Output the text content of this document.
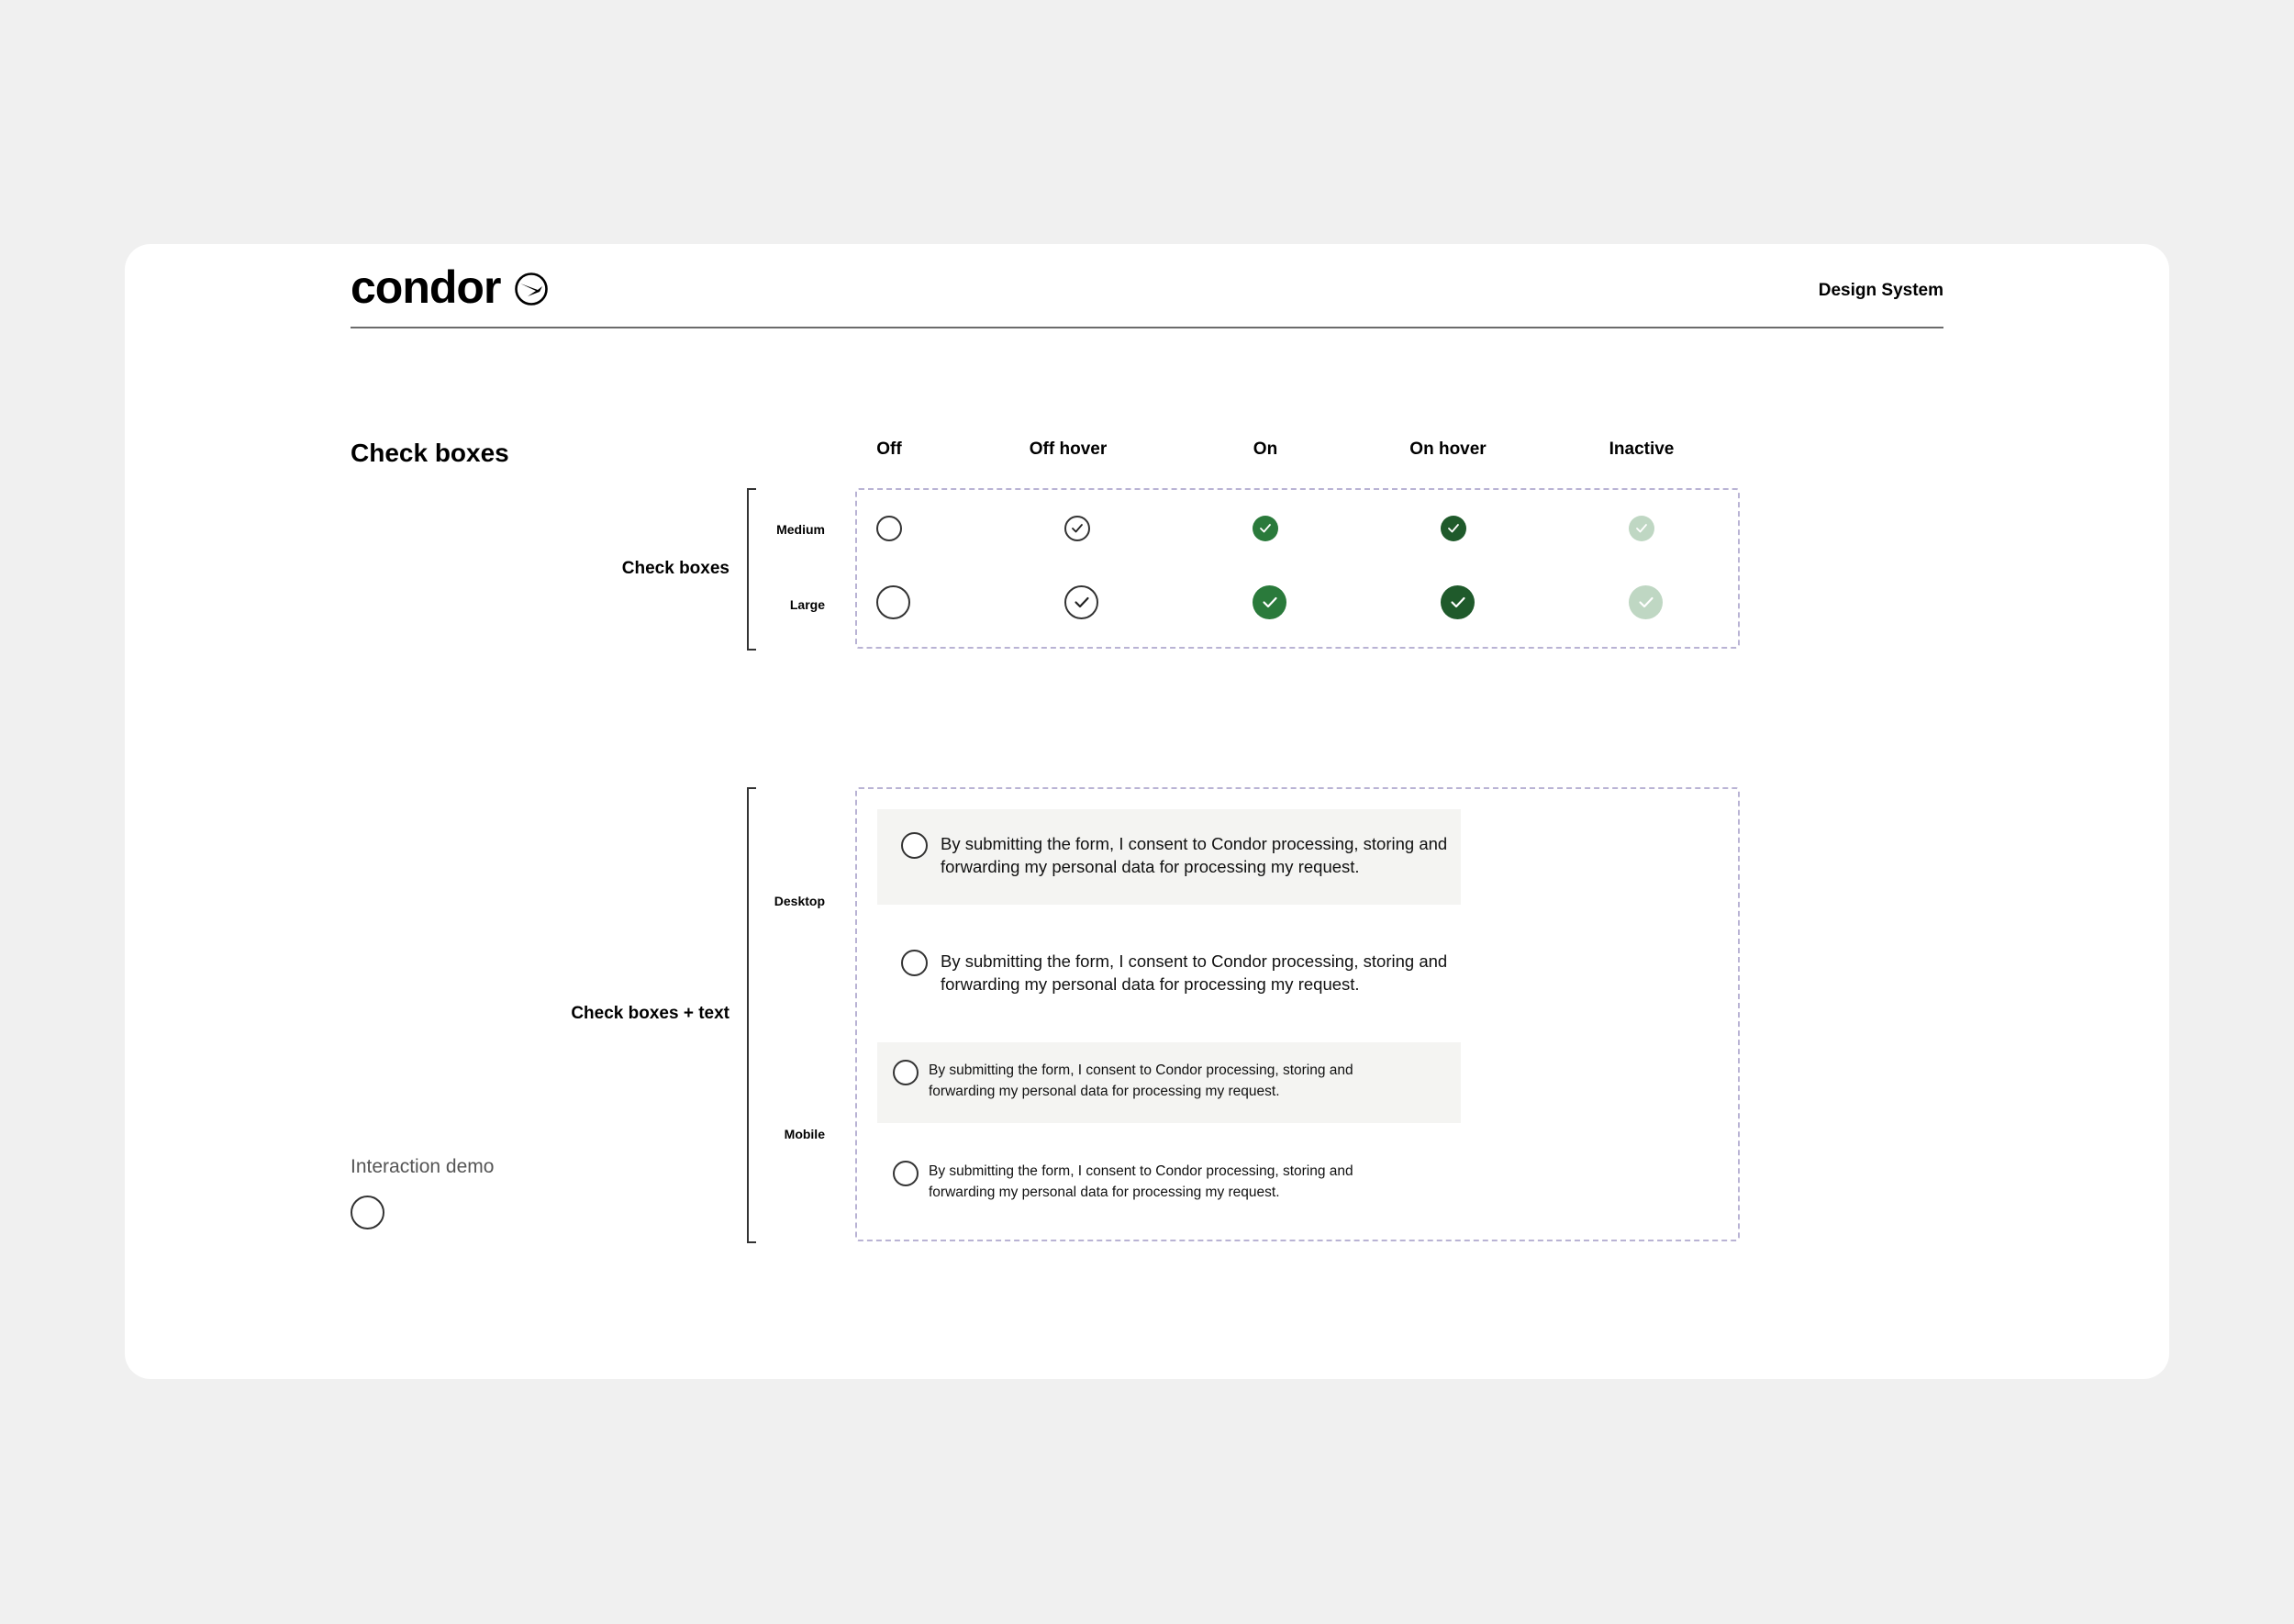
condor	Design System
Check boxes	Off	Off hover	On	On hover	Inactive
Check boxes
Medium
Large
Check boxes + text
Desktop
Mobile
By submitting the form, I consent to Condor processing, storing and forwarding my personal data for processing my request.
By submitting the form, I consent to Condor processing, storing and forwarding my personal data for processing my request.
By submitting the form, I consent to Condor processing, storing and forwarding my personal data for processing my request.
By submitting the form, I consent to Condor processing, storing and forwarding my personal data for processing my request.
Interaction demo
